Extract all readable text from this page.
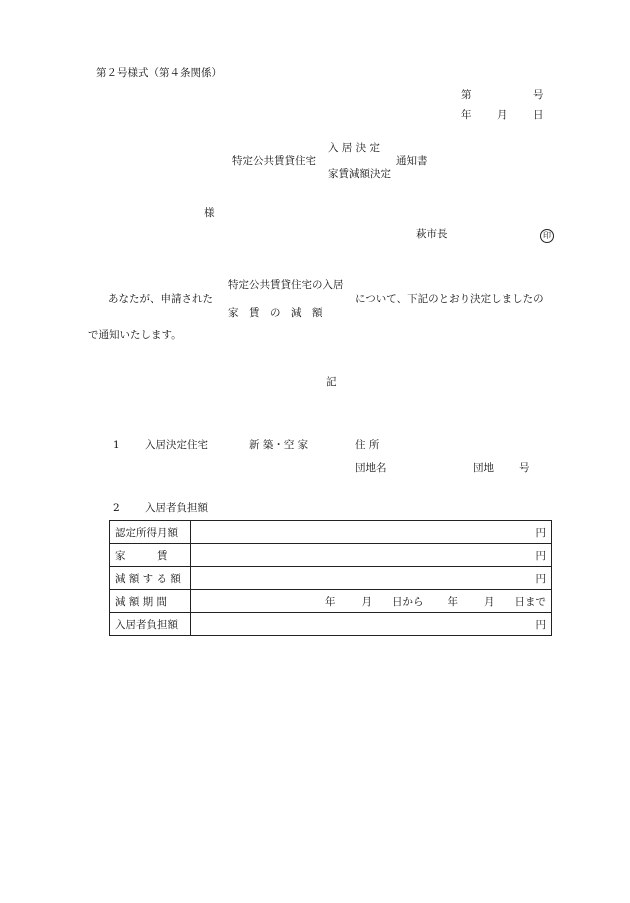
第２号様式（第４条関係）
第	号
年 月 日
入 居 決 定
特定公共賃貸住宅	通知書
家賃減額決定
様
萩市長	印
特定公共賃貸住宅の入居
あなたが、申請された	について、下記のとおり決定しましたの
家　賃　の　減　額
で通知いたします。
記
1 入居決定住宅	新 築・空 家	住 所
団地名	団地 号
2 入居者負担額
認定所得月額	円
家　　　賃	円
減 額 す る 額	円
減 額 期 間	年 月 日から 年 月 日まで
入居者負担額	円
